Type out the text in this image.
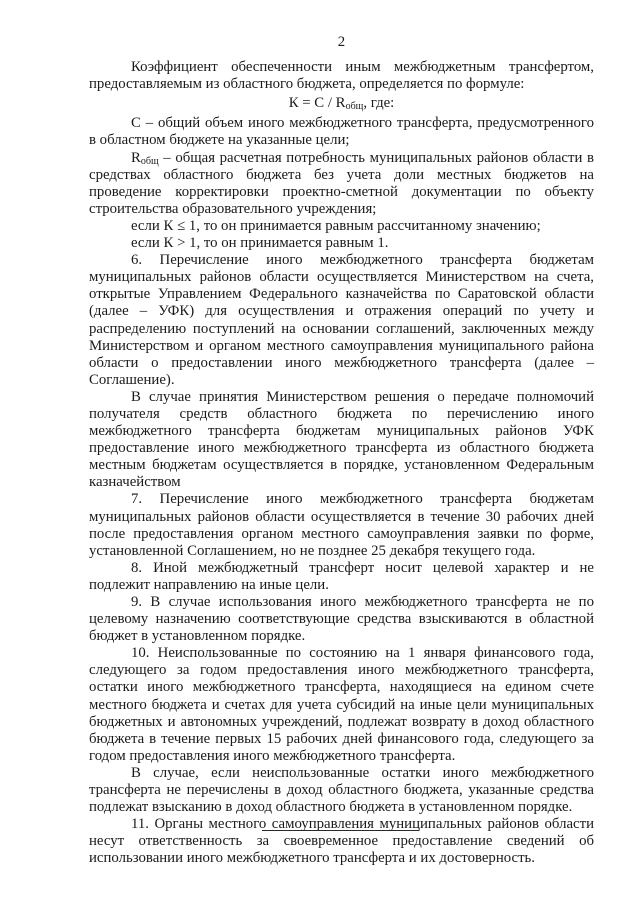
2

Коэффициент обеспеченности иным межбюджетным трансфертом, предоставляемым из областного бюджета, определяется по формуле:

$К = С / R_{общ}$, где:

С – общий объем иного межбюджетного трансферта, предусмотренного в областном бюджете на указанные цели;

$R_{общ}$ – общая расчетная потребность муниципальных районов области в средствах областного бюджета без учета доли местных бюджетов на проведение корректировки проектно-сметной документации по объекту строительства образовательного учреждения;

если К ≤ 1, то он принимается равным рассчитанному значению;

если К > 1, то он принимается равным 1.

6. Перечисление иного межбюджетного трансферта бюджетам муниципальных районов области осуществляется Министерством на счета, открытые Управлением Федерального казначейства по Саратовской области (далее – УФК) для осуществления и отражения операций по учету и распределению поступлений на основании соглашений, заключенных между Министерством и органом местного самоуправления муниципального района области о предоставлении иного межбюджетного трансферта (далее – Соглашение).

В случае принятия Министерством решения о передаче полномочий получателя средств областного бюджета по перечислению иного межбюджетного трансферта бюджетам муниципальных районов УФК предоставление иного межбюджетного трансферта из областного бюджета местным бюджетам осуществляется в порядке, установленном Федеральным казначейством

7. Перечисление иного межбюджетного трансферта бюджетам муниципальных районов области осуществляется в течение 30 рабочих дней после предоставления органом местного самоуправления заявки по форме, установленной Соглашением, но не позднее 25 декабря текущего года.

8. Иной межбюджетный трансферт носит целевой характер и не подлежит направлению на иные цели.

9. В случае использования иного межбюджетного трансферта не по целевому назначению соответствующие средства взыскиваются в областной бюджет в установленном порядке.

10. Неиспользованные по состоянию на 1 января финансового года, следующего за годом предоставления иного межбюджетного трансферта, остатки иного межбюджетного трансферта, находящиеся на едином счете местного бюджета и счетах для учета субсидий на иные цели муниципальных бюджетных и автономных учреждений, подлежат возврату в доход областного бюджета в течение первых 15 рабочих дней финансового года, следующего за годом предоставления иного межбюджетного трансферта.

В случае, если неиспользованные остатки иного межбюджетного трансферта не перечислены в доход областного бюджета, указанные средства подлежат взысканию в доход областного бюджета в установленном порядке.

11. Органы местного самоуправления муниципальных районов области несут ответственность за своевременное предоставление сведений об использовании иного межбюджетного трансферта и их достоверность.
